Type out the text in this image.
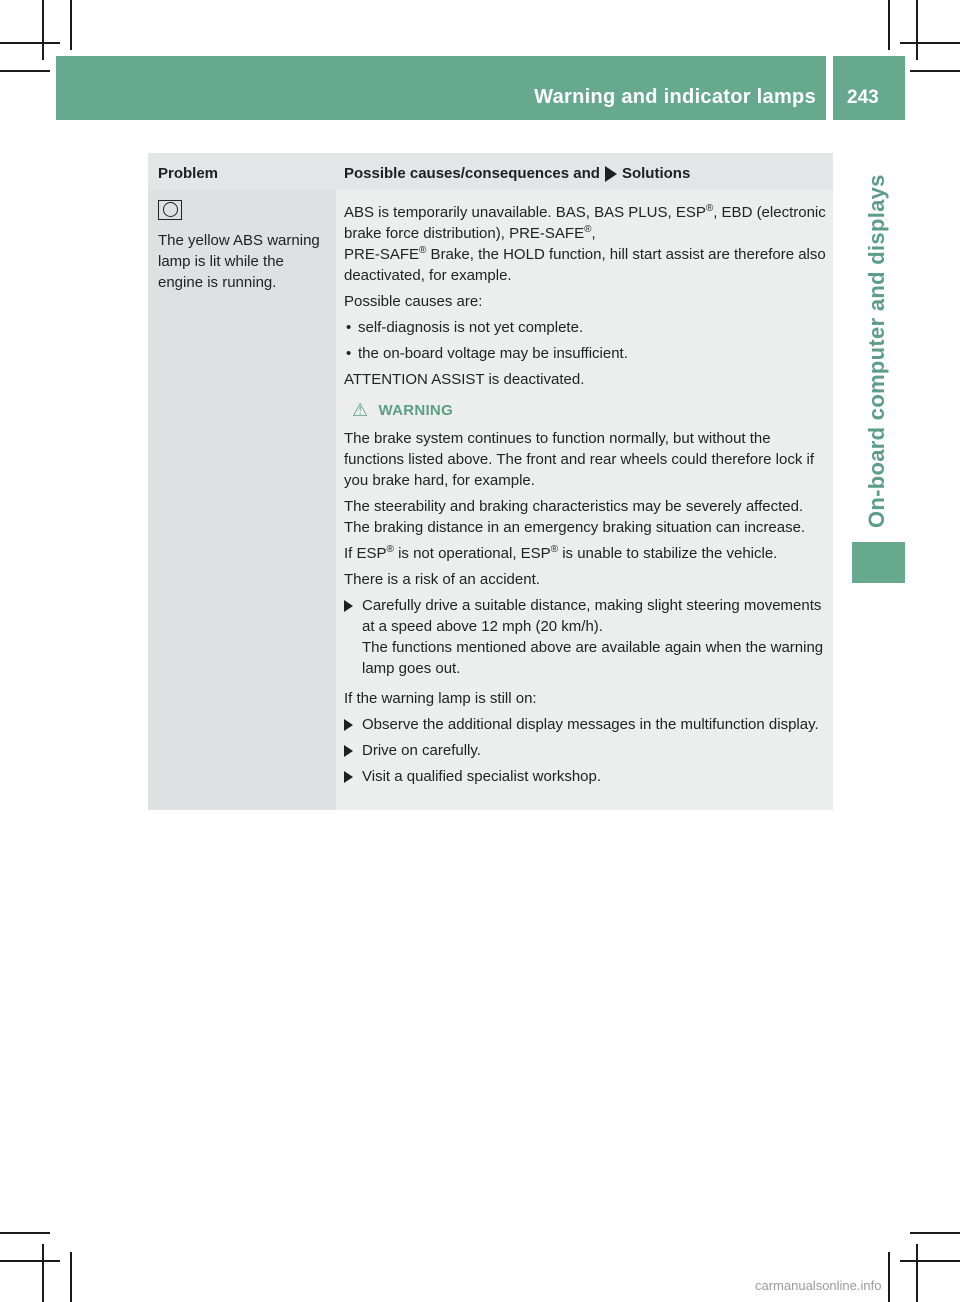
Warning and indicator lamps 243
On-board computer and displays
Problem	Possible causes/consequences and Solutions
The yellow ABS warning lamp is lit while the engine is running.

ABS is temporarily unavailable. BAS, BAS PLUS, ESP®, EBD (electronic brake force distribution), PRE-SAFE®,
PRE-SAFE® Brake, the HOLD function, hill start assist are therefore also deactivated, for example.

Possible causes are:

• self-diagnosis is not yet complete.
• the on-board voltage may be insufficient.

ATTENTION ASSIST is deactivated.

⚠ WARNING

The brake system continues to function normally, but without the functions listed above. The front and rear wheels could therefore lock if you brake hard, for example.

The steerability and braking characteristics may be severely affected. The braking distance in an emergency braking situation can increase.

If ESP® is not operational, ESP® is unable to stabilize the vehicle.

There is a risk of an accident.

Carefully drive a suitable distance, making slight steering movements at a speed above 12 mph (20 km/h).
The functions mentioned above are available again when the warning lamp goes out.

If the warning lamp is still on:

Observe the additional display messages in the multifunction display.
Drive on carefully.
Visit a qualified specialist workshop.
carmanualsonline.info
